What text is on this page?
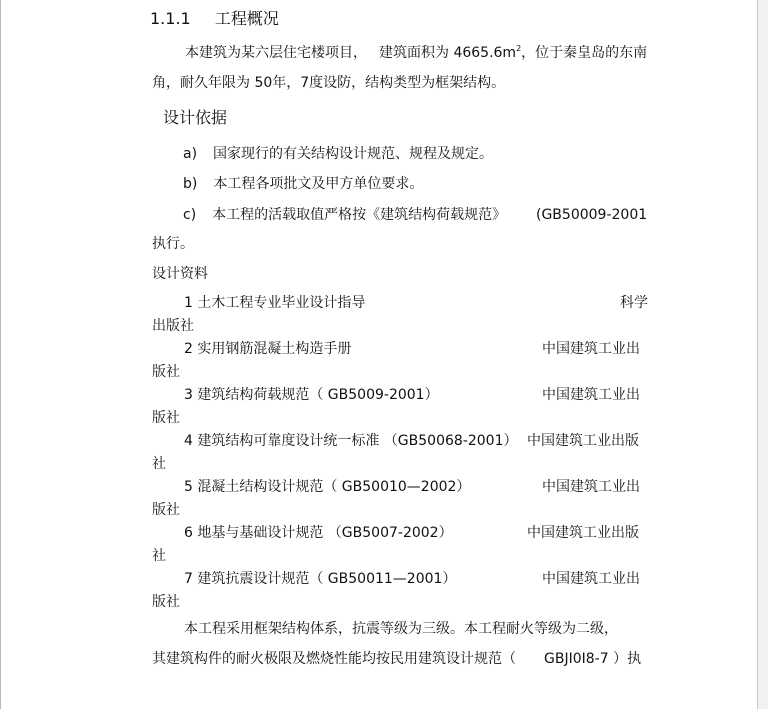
1.1.1 工程概况
本建筑为某六层住宅楼项目， 建筑面积为 $4665.6m^2$，位于秦皇岛的东南
角，耐久年限为 50年，7度设防，结构类型为框架结构。
设计依据
a) 国家现行的有关结构设计规范、规程及规定。
b) 本工程各项批文及甲方单位要求。
c) 本工程的活载取值严格按《建筑结构荷载规范》 (GB50009-2001
执行。
设计资料
1 土木工程专业毕业设计指导	科学
出版社
2 实用钢筋混凝土构造手册	中国建筑工业出
版社
3 建筑结构荷载规范（ GB5009-2001）	中国建筑工业出
版社
4 建筑结构可靠度设计统一标准 （GB50068-2001） 中国建筑工业出版
社
5 混凝土结构设计规范（ GB50010—2002）	中国建筑工业出
版社
6 地基与基础设计规范 （GB5007-2002）	中国建筑工业出版
社
7 建筑抗震设计规范（ GB50011—2001）	中国建筑工业出
版社
本工程采用框架结构体系，抗震等级为三级。本工程耐火等级为二级，
其建筑构件的耐火极限及燃烧性能均按民用建筑设计规范（ GBJI0I8-7 ）执
